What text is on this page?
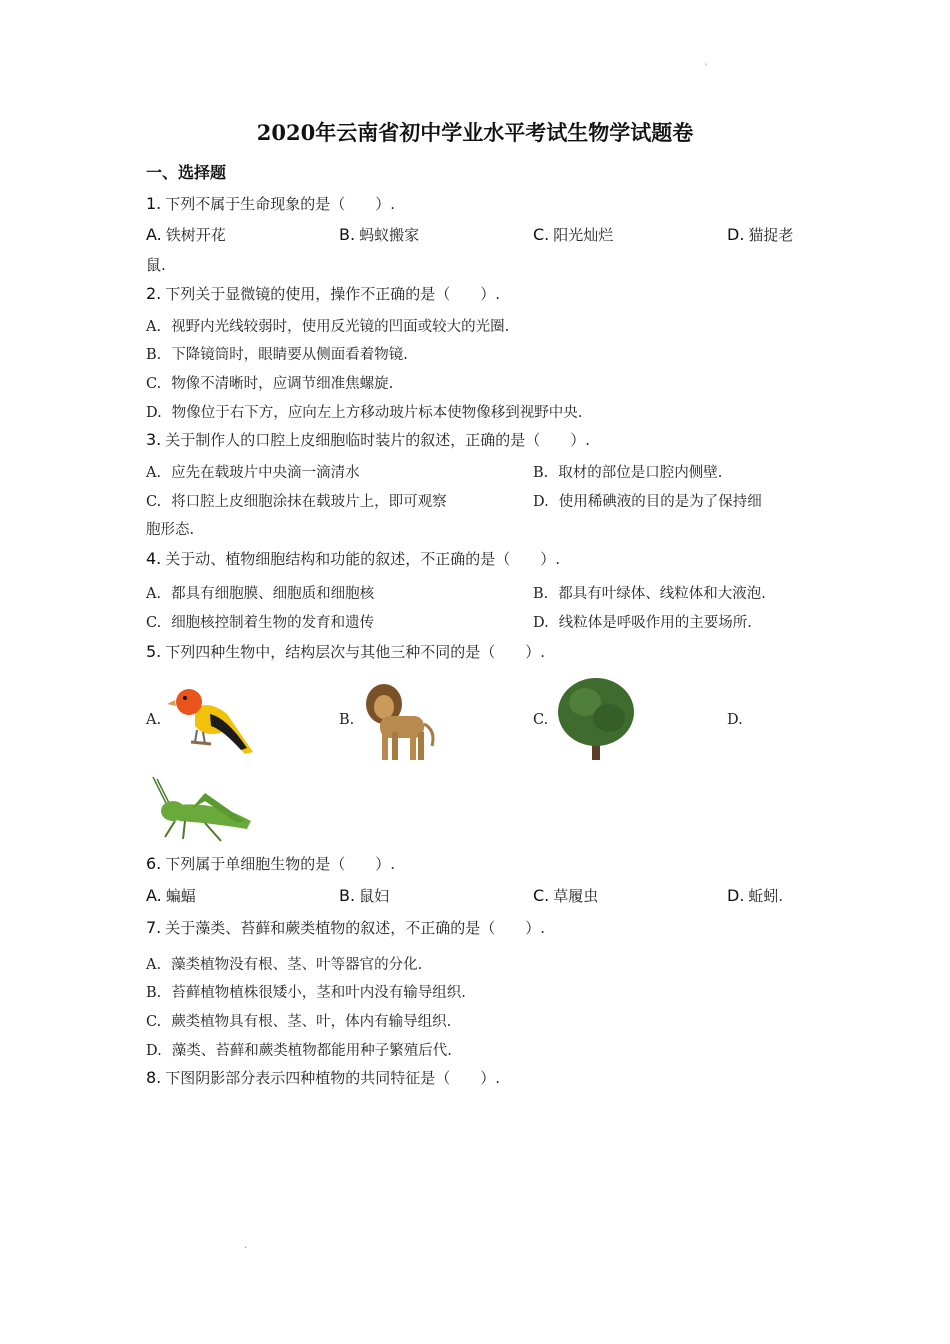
`
2020年云南省初中学业水平考试生物学试题卷
一、选择题
1. 下列不属于生命现象的是（　　）.
A. 铁树开花	B. 蚂蚁搬家	C. 阳光灿烂	D. 猫捉老
鼠.
2. 下列关于显微镜的使用，操作不正确的是（　　）.
A. 视野内光线较弱时，使用反光镜的凹面或较大的光圈.
B. 下降镜筒时，眼睛要从侧面看着物镜.
C. 物像不清晰时，应调节细准焦螺旋.
D. 物像位于右下方，应向左上方移动玻片标本使物像移到视野中央.
3. 关于制作人的口腔上皮细胞临时装片的叙述，正确的是（　　）.
A. 应先在载玻片中央滴一滴清水	B. 取材的部位是口腔内侧壁.
C. 将口腔上皮细胞涂抹在载玻片上，即可观察	D. 使用稀碘液的目的是为了保持细
胞形态.
4. 关于动、植物细胞结构和功能的叙述，不正确的是（　　）.
A. 都具有细胞膜、细胞质和细胞核	B. 都具有叶绿体、线粒体和大液泡.
C. 细胞核控制着生物的发育和遗传	D. 线粒体是呼吸作用的主要场所.
5. 下列四种生物中，结构层次与其他三种不同的是（　　）.
A.	B.	C.	D.
6. 下列属于单细胞生物的是（　　）.
A. 蝙蝠	B. 鼠妇	C. 草履虫	D. 蚯蚓.
7. 关于藻类、苔藓和蕨类植物的叙述，不正确的是（　　）.
A. 藻类植物没有根、茎、叶等器官的分化.
B. 苔藓植物植株很矮小，茎和叶内没有输导组织.
C. 蕨类植物具有根、茎、叶，体内有输导组织.
D. 藻类、苔藓和蕨类植物都能用种子繁殖后代.
8. 下图阴影部分表示四种植物的共同特征是（　　）.
.
